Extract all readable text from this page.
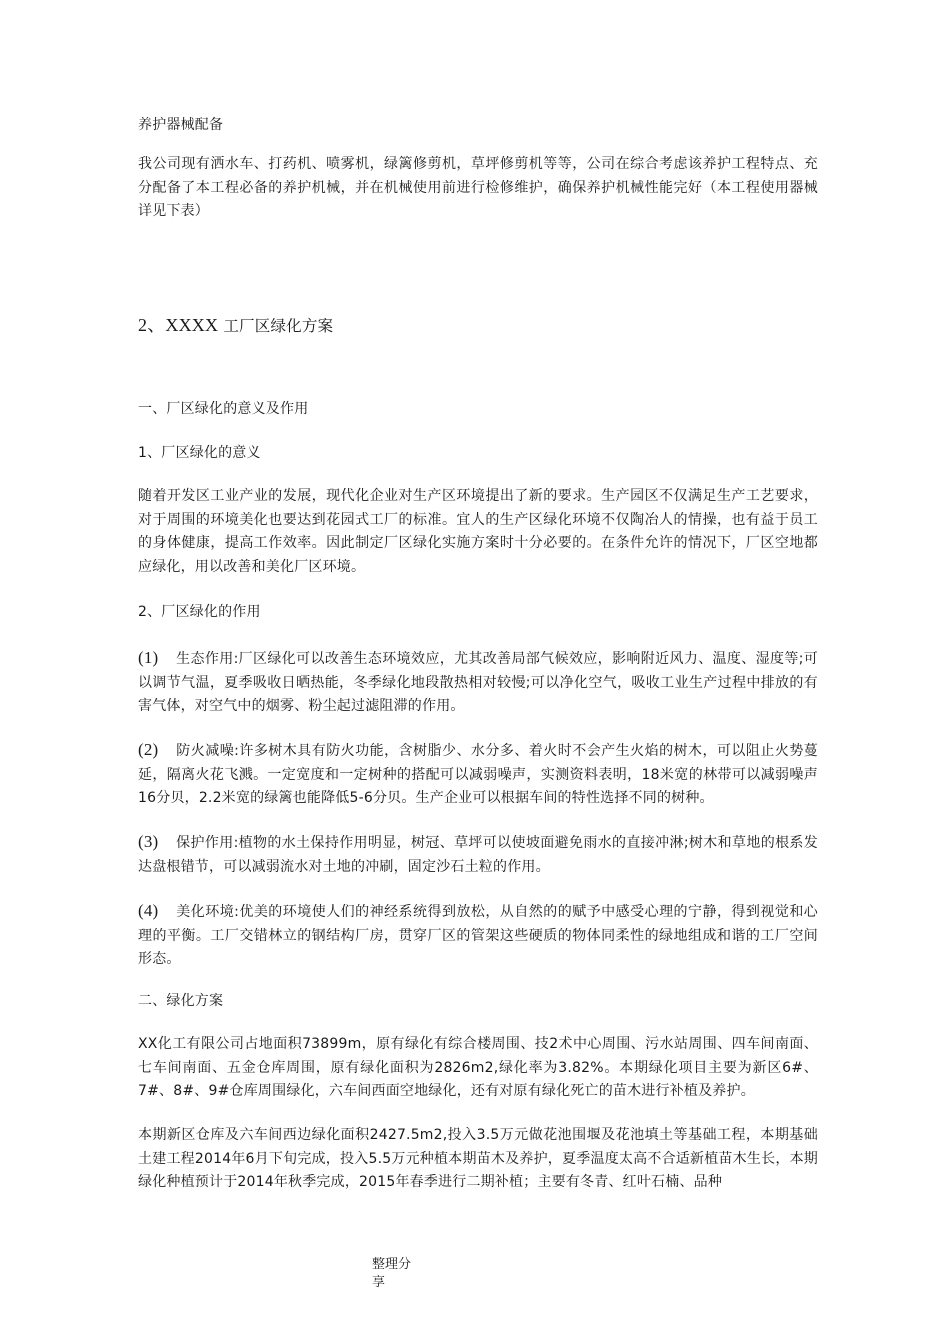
养护器械配备

我公司现有洒水车、打药机、喷雾机，绿篱修剪机，草坪修剪机等等，公司在综合考虑该养护工程特点、充分配备了本工程必备的养护机械，并在机械使用前进行检修维护，确保养护机械性能完好（本工程使用器械详见下表）

2、XXXX 工厂区绿化方案

一、厂区绿化的意义及作用

1、厂区绿化的意义

随着开发区工业产业的发展，现代化企业对生产区环境提出了新的要求。生产园区不仅满足生产工艺要求，对于周围的环境美化也要达到花园式工厂的标准。宜人的生产区绿化环境不仅陶冶人的情操，也有益于员工的身体健康，提高工作效率。因此制定厂区绿化实施方案时十分必要的。在条件允许的情况下，厂区空地都应绿化，用以改善和美化厂区环境。

2、厂区绿化的作用

(1) 生态作用:厂区绿化可以改善生态环境效应，尤其改善局部气候效应，影响附近风力、温度、湿度等;可以调节气温，夏季吸收日晒热能，冬季绿化地段散热相对较慢;可以净化空气，吸收工业生产过程中排放的有害气体，对空气中的烟雾、粉尘起过滤阻滞的作用。

(2) 防火减噪:许多树木具有防火功能，含树脂少、水分多、着火时不会产生火焰的树木，可以阻止火势蔓延，隔离火花飞溅。一定宽度和一定树种的搭配可以减弱噪声，实测资料表明，18米宽的林带可以减弱噪声16分贝，2.2米宽的绿篱也能降低5-6分贝。生产企业可以根据车间的特性选择不同的树种。

(3) 保护作用:植物的水土保持作用明显，树冠、草坪可以使坡面避免雨水的直接冲淋;树木和草地的根系发达盘根错节，可以减弱流水对土地的冲刷，固定沙石土粒的作用。

(4) 美化环境:优美的环境使人们的神经系统得到放松，从自然的的赋予中感受心理的宁静，得到视觉和心理的平衡。工厂交错林立的钢结构厂房，贯穿厂区的管架这些硬质的物体同柔性的绿地组成和谐的工厂空间形态。

二、绿化方案

XX化工有限公司占地面积73899m，原有绿化有综合楼周围、技2术中心周围、污水站周围、四车间南面、七车间南面、五金仓库周围，原有绿化面积为2826m2,绿化率为3.82%。本期绿化项目主要为新区6#、7#、8#、9#仓库周围绿化，六车间西面空地绿化，还有对原有绿化死亡的苗木进行补植及养护。

本期新区仓库及六车间西边绿化面积2427.5m2,投入3.5万元做花池围堰及花池填土等基础工程，本期基础土建工程2014年6月下旬完成，投入5.5万元种植本期苗木及养护，夏季温度太高不合适新植苗木生长，本期绿化种植预计于2014年秋季完成，2015年春季进行二期补植；主要有冬青、红叶石楠、品种

整理分享
